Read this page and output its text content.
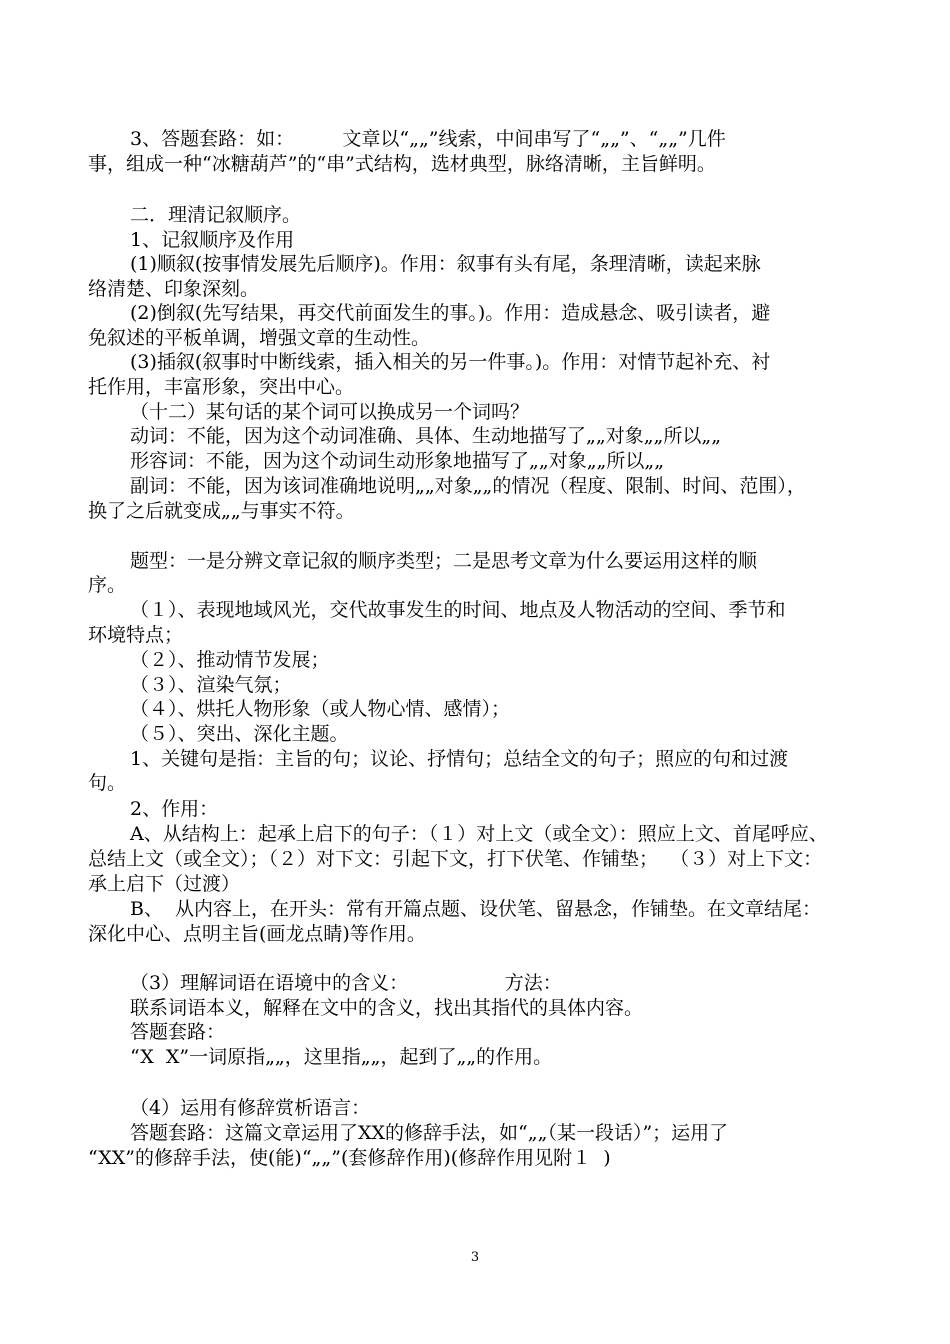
3、答题套路：如：        文章以“„„”线索，中间串写了“„„”、“„„”几件
事，组成一种“冰糖葫芦”的“串”式结构，选材典型，脉络清晰，主旨鲜明。
二．理清记叙顺序。
1、记叙顺序及作用
(1)顺叙(按事情发展先后顺序)。作用：叙事有头有尾，条理清晰，读起来脉
络清楚、印象深刻。
(2)倒叙(先写结果，再交代前面发生的事。)。作用：造成悬念、吸引读者，避
免叙述的平板单调，增强文章的生动性。
(3)插叙(叙事时中断线索，插入相关的另一件事。)。作用：对情节起补充、衬
托作用，丰富形象，突出中心。
（十二）某句话的某个词可以换成另一个词吗？
动词：不能，因为这个动词准确、具体、生动地描写了„„对象„„所以„„
形容词：不能，因为这个动词生动形象地描写了„„对象„„所以„„
副词：不能，因为该词准确地说明„„对象„„的情况（程度、限制、时间、范围），
换了之后就变成„„与事实不符。
题型：一是分辨文章记叙的顺序类型；二是思考文章为什么要运用这样的顺
序。
（１）、表现地域风光，交代故事发生的时间、地点及人物活动的空间、季节和
环境特点；
（２）、推动情节发展；
（３）、渲染气氛；
（４）、烘托人物形象（或人物心情、感情）；
（５）、突出、深化主题。
1、关键句是指：主旨的句；议论、抒情句；总结全文的句子；照应的句和过渡
句。
2、作用：
A、从结构上：起承上启下的句子：（１）对上文（或全文）：照应上文、首尾呼应、
总结上文（或全文）；（２）对下文：引起下文，打下伏笔、作铺垫；  （３）对上下文：
承上启下（过渡）
B、  从内容上，在开头：常有开篇点题、设伏笔、留悬念，作铺垫。在文章结尾：
深化中心、点明主旨(画龙点睛)等作用。
（3）理解词语在语境中的含义：                方法：
联系词语本义，解释在文中的含义，找出其指代的具体内容。
答题套路：
“X  X”一词原指„„，这里指„„，起到了„„的作用。
（4）运用有修辞赏析语言：
答题套路：这篇文章运用了XX的修辞手法，如“„„（某一段话）”；运用了
“XX”的修辞手法，使(能)“„„”(套修辞作用)(修辞作用见附１  )
3
